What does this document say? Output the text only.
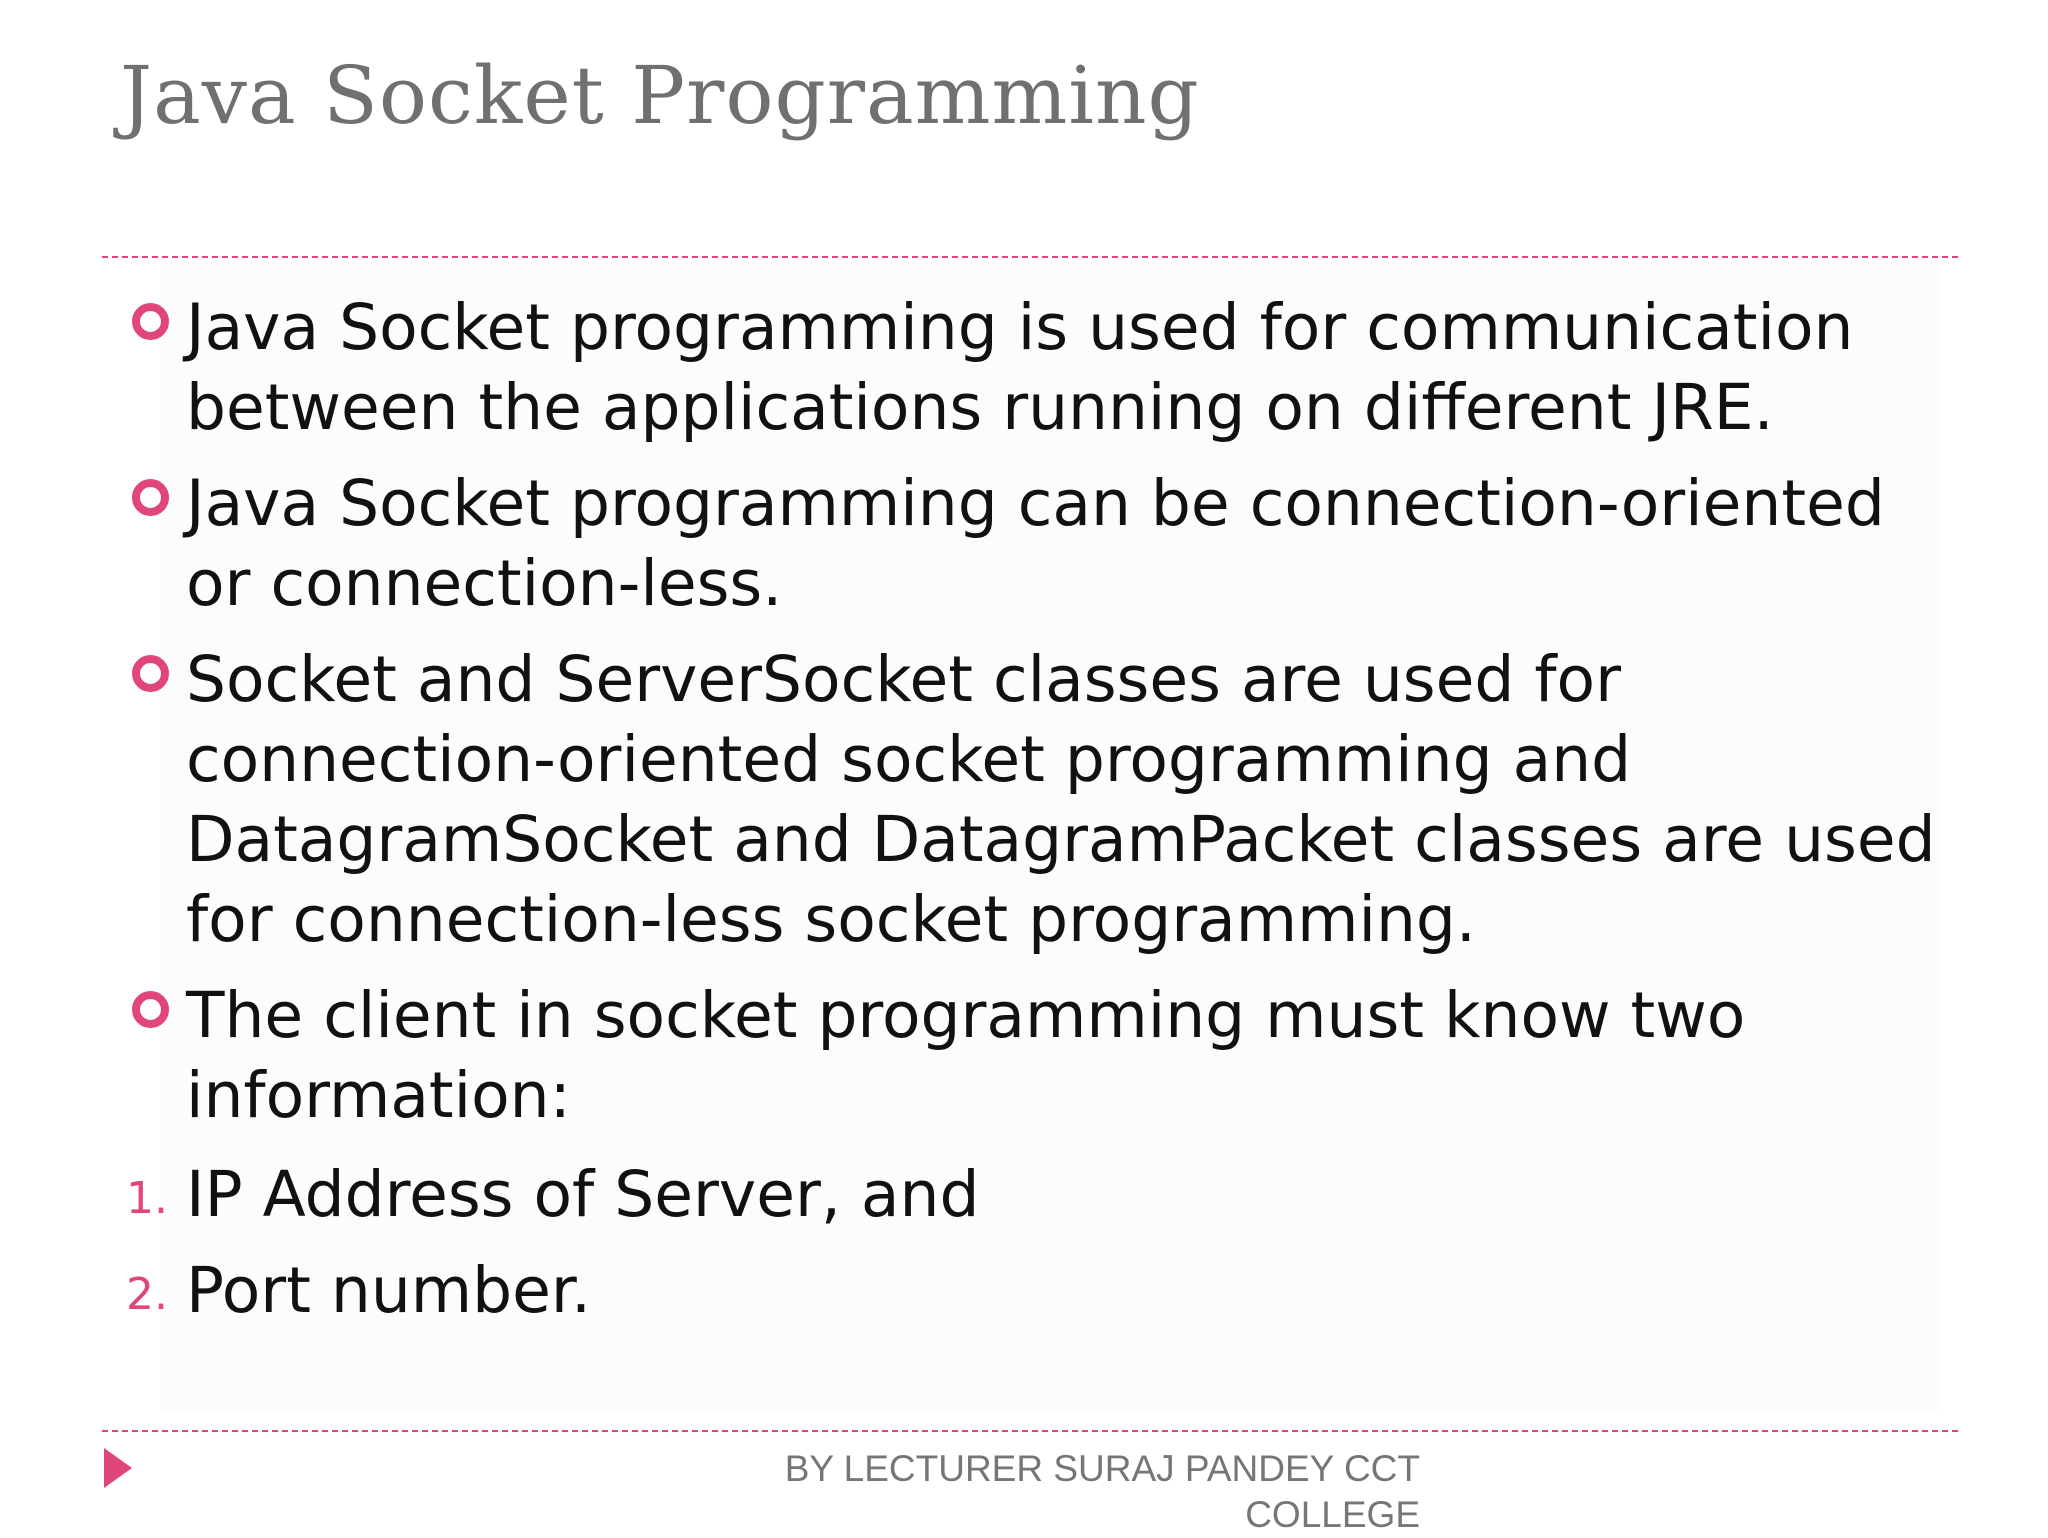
Java Socket Programming
Java Socket programming is used for communication between the applications running on different JRE.
Java Socket programming can be connection-oriented or connection-less.
Socket and ServerSocket classes are used for connection-oriented socket programming and DatagramSocket and DatagramPacket classes are used for connection-less socket programming.
The client in socket programming must know two information:
1. IP Address of Server, and
2. Port number.
BY LECTURER SURAJ PANDEY CCT
COLLEGE
